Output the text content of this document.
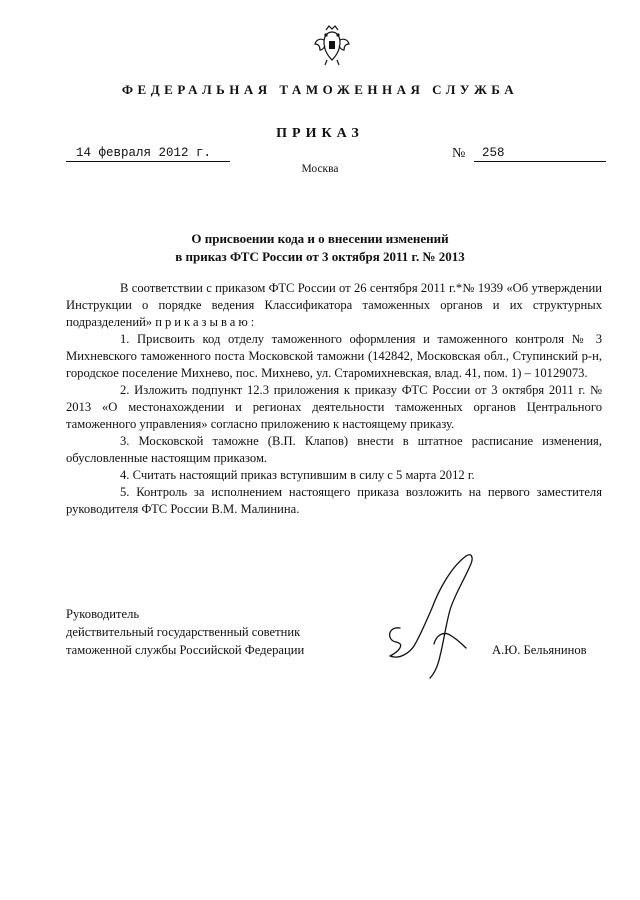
ФЕДЕРАЛЬНАЯ ТАМОЖЕННАЯ СЛУЖБА
ПРИКАЗ
14 февраля 2012 г.	№	258
Москва
О присвоении кода и о внесении изменений
в приказ ФТС России от 3 октября 2011 г. № 2013

В соответствии с приказом ФТС России от 26 сентября 2011 г.*№ 1939 «Об утверждении Инструкции о порядке ведения Классификатора таможенных органов и их структурных подразделений» приказываю:

1. Присвоить код отделу таможенного оформления и таможенного контроля № 3 Михневского таможенного поста Московской таможни (142842, Московская обл., Ступинский р-н, городское поселение Михнево, пос. Михнево, ул. Старомихневская, влад. 41, пом. 1) – 10129073.

2. Изложить подпункт 12.3 приложения к приказу ФТС России от 3 октября 2011 г. № 2013 «О местонахождении и регионах деятельности таможенных органов Центрального таможенного управления» согласно приложению к настоящему приказу.

3. Московской таможне (В.П. Клапов) внести в штатное расписание изменения, обусловленные настоящим приказом.

4. Считать настоящий приказ вступившим в силу с 5 марта 2012 г.

5. Контроль за исполнением настоящего приказа возложить на первого заместителя руководителя ФТС России В.М. Малинина.

Руководитель
действительный государственный советник
таможенной службы Российской Федерации	А.Ю. Бельянинов
